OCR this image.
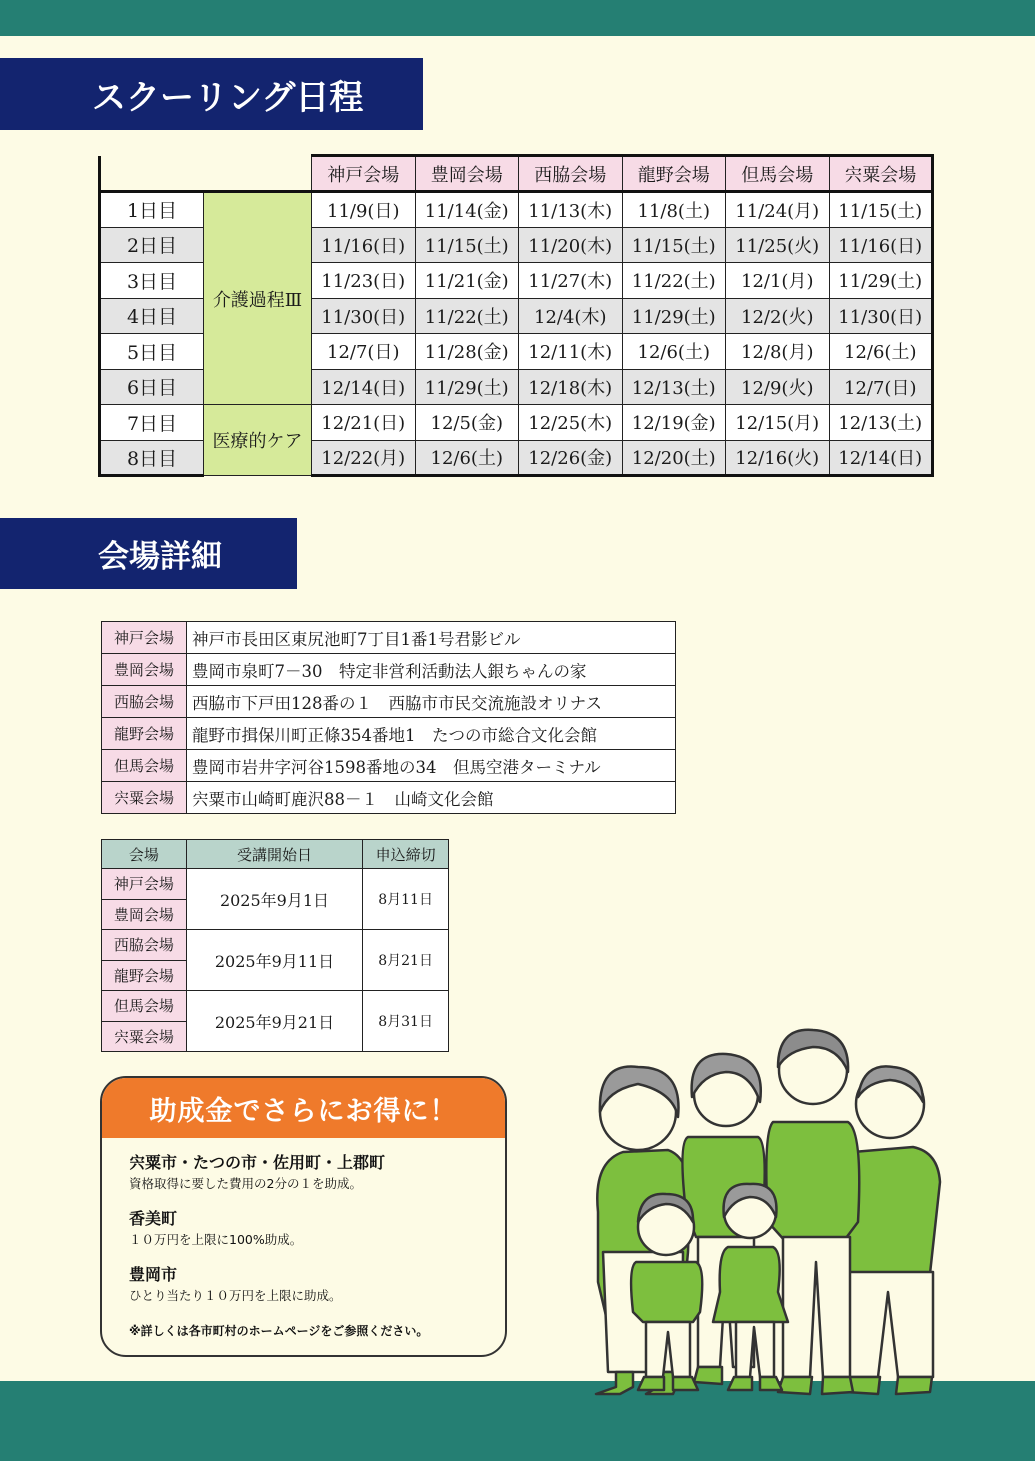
スクーリング日程
		神戸会場	豊岡会場	西脇会場	龍野会場	但馬会場	宍粟会場
1日目	介護過程Ⅲ	11/9(日)	11/14(金)	11/13(木)	11/8(土)	11/24(月)	11/15(土)
2日目		11/16(日)	11/15(土)	11/20(木)	11/15(土)	11/25(火)	11/16(日)
3日目		11/23(日)	11/21(金)	11/27(木)	11/22(土)	12/1(月)	11/29(土)
4日目		11/30(日)	11/22(土)	12/4(木)	11/29(土)	12/2(火)	11/30(日)
5日目		12/7(日)	11/28(金)	12/11(木)	12/6(土)	12/8(月)	12/6(土)
6日目		12/14(日)	11/29(土)	12/18(木)	12/13(土)	12/9(火)	12/7(日)
7日目	医療的ケア	12/21(日)	12/5(金)	12/25(木)	12/19(金)	12/15(月)	12/13(土)
8日目		12/22(月)	12/6(土)	12/26(金)	12/20(土)	12/16(火)	12/14(日)
会場詳細
神戸会場	神戸市長田区東尻池町7丁目1番1号君影ビル
豊岡会場	豊岡市泉町7－30　特定非営利活動法人銀ちゃんの家
西脇会場	西脇市下戸田128番の１　西脇市市民交流施設オリナス
龍野会場	龍野市揖保川町正條354番地1　たつの市総合文化会館
但馬会場	豊岡市岩井字河谷1598番地の34　但馬空港ターミナル
宍粟会場	宍粟市山崎町鹿沢88－１　山崎文化会館
会場	受講開始日	申込締切
神戸会場	2025年9月1日	8月11日
豊岡会場		
西脇会場	2025年9月11日	8月21日
龍野会場		
但馬会場	2025年9月21日	8月31日
宍粟会場		
助成金でさらにお得に！
宍粟市・たつの市・佐用町・上郡町
資格取得に要した費用の2分の１を助成。
香美町
１０万円を上限に100%助成。
豊岡市
ひとり当たり１０万円を上限に助成。
※詳しくは各市町村のホームページをご参照ください。
